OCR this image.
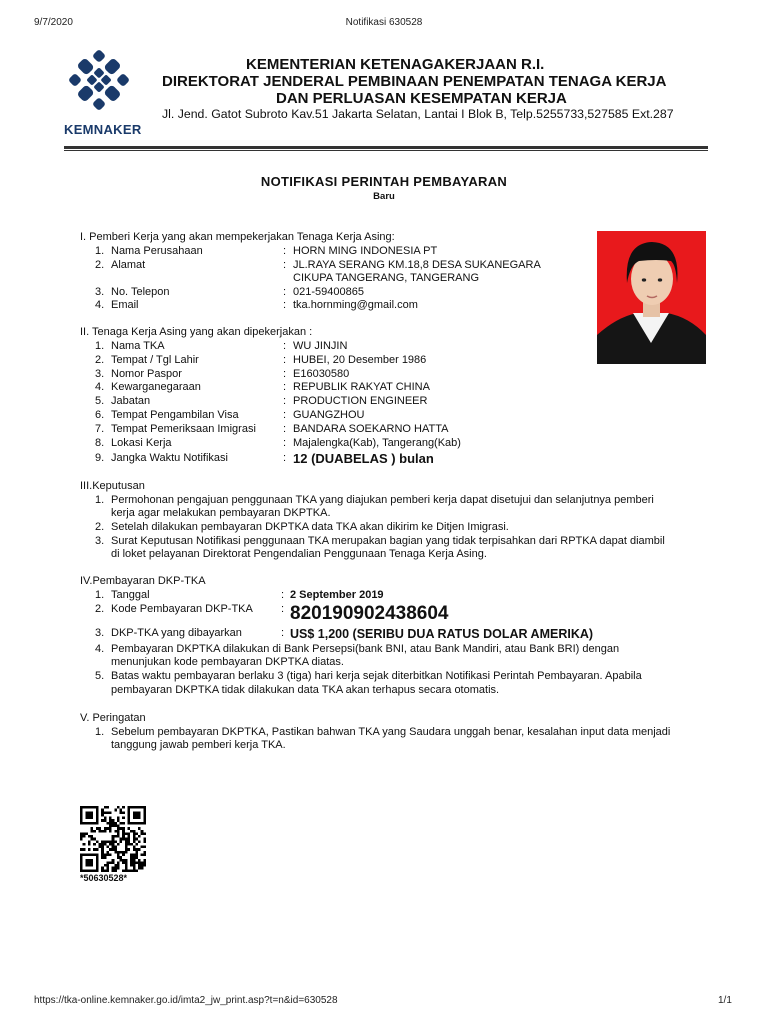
9/7/2020	Notifikasi 630528
KEMNAKER
KEMENTERIAN KETENAGAKERJAAN R.I.
DIREKTORAT JENDERAL PEMBINAAN PENEMPATAN TENAGA KERJA
DAN PERLUASAN KESEMPATAN KERJA
Jl. Jend. Gatot Subroto Kav.51 Jakarta Selatan, Lantai I Blok B, Telp.5255733,527585 Ext.287
NOTIFIKASI PERINTAH PEMBAYARAN
Baru
I. Pemberi Kerja yang akan mempekerjakan Tenaga Kerja Asing:
1. Nama Perusahaan	: HORN MING INDONESIA PT
2. Alamat	: JL.RAYA SERANG KM.18,8 DESA SUKANEGARA
CIKUPA TANGERANG, TANGERANG
3. No. Telepon	: 021-59400865
4. Email	: tka.hornming@gmail.com
II. Tenaga Kerja Asing yang akan dipekerjakan :
1. Nama TKA	: WU JINJIN
2. Tempat / Tgl Lahir	: HUBEI, 20 Desember 1986
3. Nomor Paspor	: E16030580
4. Kewarganegaraan	: REPUBLIK RAKYAT CHINA
5. Jabatan	: PRODUCTION ENGINEER
6. Tempat Pengambilan Visa	: GUANGZHOU
7. Tempat Pemeriksaan Imigrasi : BANDARA SOEKARNO HATTA
8. Lokasi Kerja	: Majalengka(Kab), Tangerang(Kab)
9. Jangka Waktu Notifikasi	: 12 (DUABELAS ) bulan
III.Keputusan
1. Permohonan pengajuan penggunaan TKA yang diajukan pemberi kerja dapat disetujui dan selanjutnya pemberi
kerja agar melakukan pembayaran DKPTKA.
2. Setelah dilakukan pembayaran DKPTKA data TKA akan dikirim ke Ditjen Imigrasi.
3. Surat Keputusan Notifikasi penggunaan TKA merupakan bagian yang tidak terpisahkan dari RPTKA dapat diambil
di loket pelayanan Direktorat Pengendalian Penggunaan Tenaga Kerja Asing.
IV.Pembayaran DKP-TKA
1. Tanggal	: 2 September 2019
2. Kode Pembayaran DKP-TKA	: 820190902438604
3. DKP-TKA yang dibayarkan	: US$ 1,200 (SERIBU DUA RATUS DOLAR AMERIKA)
4. Pembayaran DKPTKA dilakukan di Bank Persepsi(bank BNI, atau Bank Mandiri, atau Bank BRI) dengan
menunjukan kode pembayaran DKPTKA diatas.
5. Batas waktu pembayaran berlaku 3 (tiga) hari kerja sejak diterbitkan Notifikasi Perintah Pembayaran. Apabila
pembayaran DKPTKA tidak dilakukan data TKA akan terhapus secara otomatis.
V. Peringatan
1. Sebelum pembayaran DKPTKA, Pastikan bahwan TKA yang Saudara unggah benar, kesalahan input data menjadi
tanggung jawab pemberi kerja TKA.
*50630528*
https://tka-online.kemnaker.go.id/imta2_jw_print.asp?t=n&id=630528	1/1
